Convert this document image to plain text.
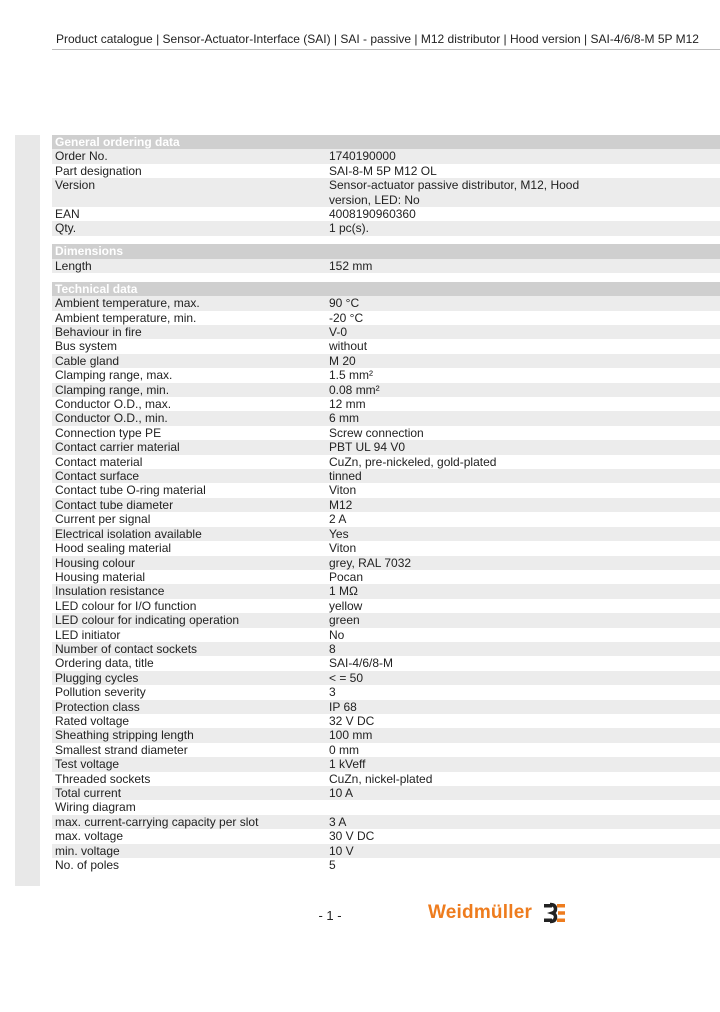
Product catalogue | Sensor-Actuator-Interface (SAI) | SAI - passive | M12 distributor | Hood version | SAI-4/6/8-M 5P M12
General ordering data
Order No.	1740190000
Part designation	SAI-8-M 5P M12 OL
Version	Sensor-actuator passive distributor, M12, Hood version, LED: No
EAN	4008190960360
Qty.	1 pc(s).
Dimensions
Length	152 mm
Technical data
Ambient temperature, max.	90 °C
Ambient temperature, min.	-20 °C
Behaviour in fire	V-0
Bus system	without
Cable gland	M 20
Clamping range, max.	1.5 mm²
Clamping range, min.	0.08 mm²
Conductor O.D., max.	12 mm
Conductor O.D., min.	6 mm
Connection type PE	Screw connection
Contact carrier material	PBT UL 94 V0
Contact material	CuZn, pre-nickeled, gold-plated
Contact surface	tinned
Contact tube O-ring material	Viton
Contact tube diameter	M12
Current per signal	2 A
Electrical isolation available	Yes
Hood sealing material	Viton
Housing colour	grey, RAL 7032
Housing material	Pocan
Insulation resistance	1 MΩ
LED colour for I/O function	yellow
LED colour for indicating operation	green
LED initiator	No
Number of contact sockets	8
Ordering data, title	SAI-4/6/8-M
Plugging cycles	< = 50
Pollution severity	3
Protection class	IP 68
Rated voltage	32 V DC
Sheathing stripping length	100 mm
Smallest strand diameter	0 mm
Test voltage	1 kVeff
Threaded sockets	CuZn, nickel-plated
Total current	10 A
Wiring diagram
max. current-carrying capacity per slot	3 A
max. voltage	30 V DC
min. voltage	10 V
No. of poles	5
- 1 -	Weidmüller
